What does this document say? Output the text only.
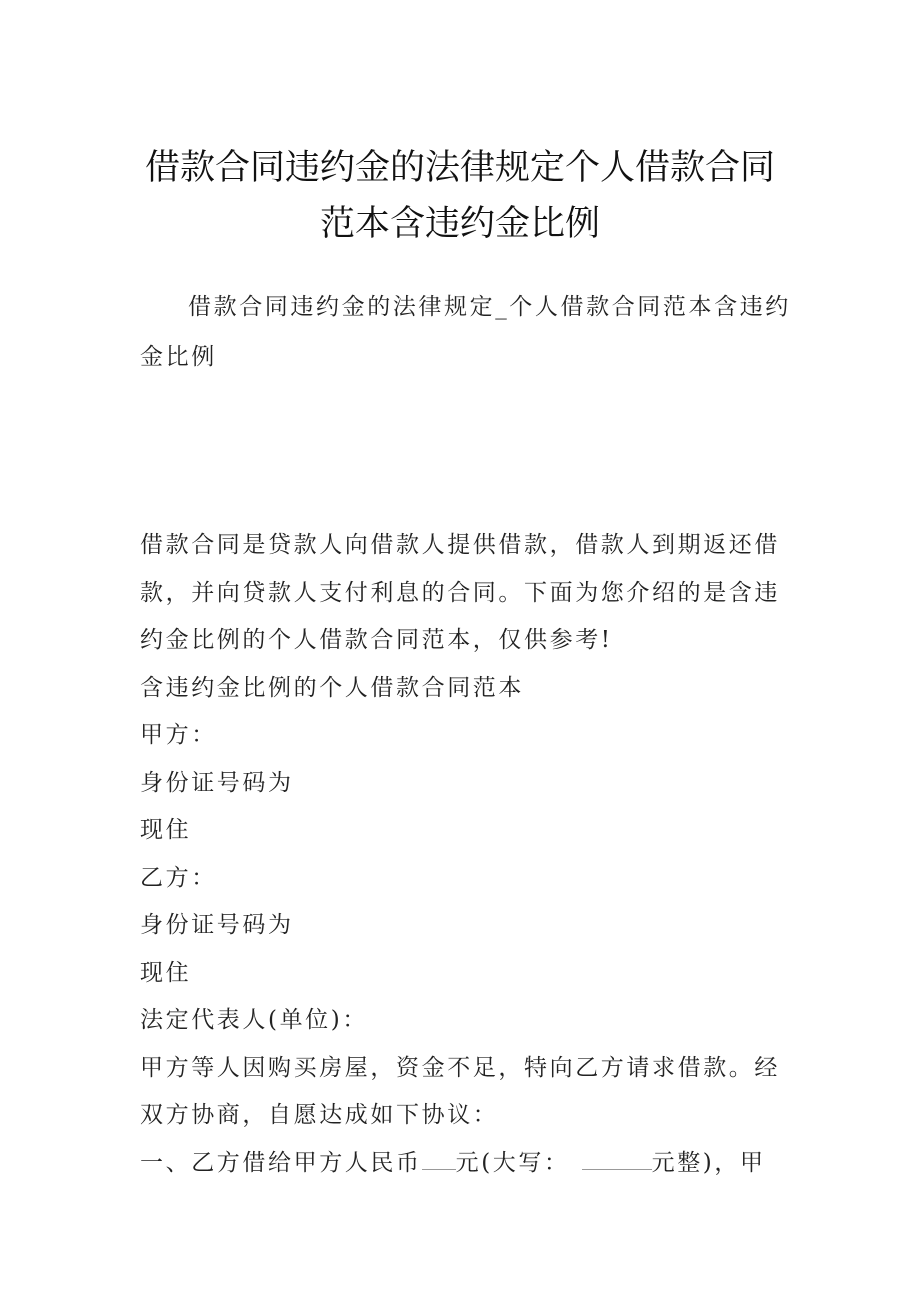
借款合同违约金的法律规定个人借款合同
范本含违约金比例
借款合同违约金的法律规定_个人借款合同范本含违约
金比例
借款合同是贷款人向借款人提供借款，借款人到期返还借
款，并向贷款人支付利息的合同。下面为您介绍的是含违
约金比例的个人借款合同范本，仅供参考!
含违约金比例的个人借款合同范本
甲方：
身份证号码为
现住
乙方：
身份证号码为
现住
法定代表人(单位)：
甲方等人因购买房屋，资金不足，特向乙方请求借款。经
双方协商，自愿达成如下协议：
一、乙方借给甲方人民币 元(大写：	元整)，甲
